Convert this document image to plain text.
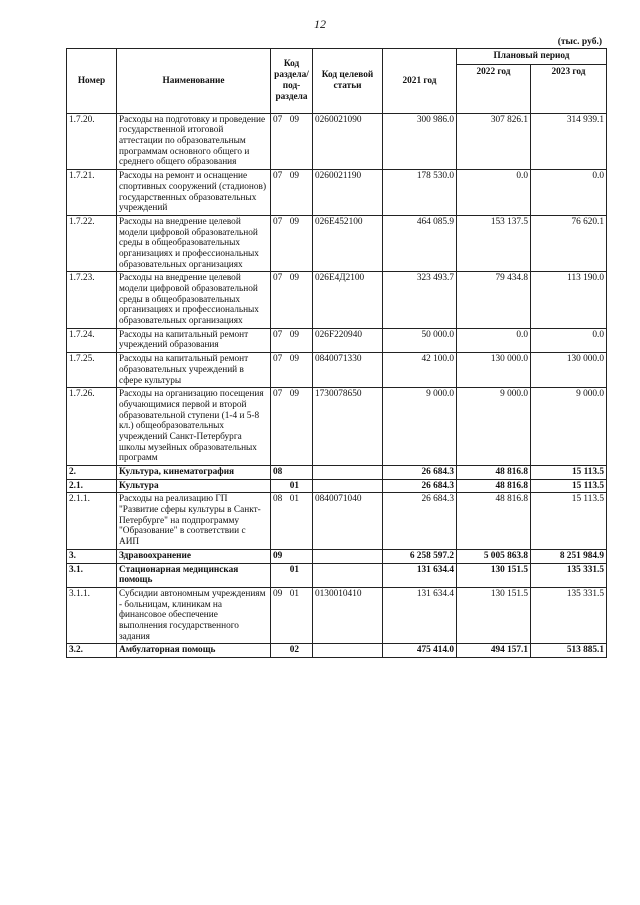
12
(тыс. руб.)
Номер	Наименование	Код раздела/ под- раздела	Код целевой статьи	2021 год	Плановый период	
					2022 год	2023 год
1.7.20.	Расходы на подготовку и проведение государственной итоговой аттестации по образовательным программам основного общего и среднего общего образования	07 09	0260021090	300 986.0	307 826.1	314 939.1
1.7.21.	Расходы на ремонт и оснащение спортивных сооружений (стадионов) государственных образовательных учреждений	07 09	0260021190	178 530.0	0.0	0.0
1.7.22.	Расходы на внедрение целевой модели цифровой образовательной среды в общеобразовательных организациях и профессиональных образовательных организациях	07 09	026E452100	464 085.9	153 137.5	76 620.1
1.7.23.	Расходы на внедрение целевой модели цифровой образовательной среды в общеобразовательных организациях и профессиональных образовательных организациях	07 09	026E4Д2100	323 493.7	79 434.8	113 190.0
1.7.24.	Расходы на капитальный ремонт учреждений образования	07 09	026F220940	50 000.0	0.0	0.0
1.7.25.	Расходы на капитальный ремонт образовательных учреждений в сфере культуры	07 09	0840071330	42 100.0	130 000.0	130 000.0
1.7.26.	Расходы на организацию посещения обучающимися первой и второй образовательной ступени (1-4 и 5-8 кл.) общеобразовательных учреждений Санкт-Петербурга школы музейных образовательных программ	07 09	1730078650	9 000.0	9 000.0	9 000.0
2.	Культура, кинематография	08		26 684.3	48 816.8	15 113.5
2.1.	Культура	01		26 684.3	48 816.8	15 113.5
2.1.1.	Расходы на реализацию ГП "Развитие сферы культуры в Санкт-Петербурге" на подпрограмму "Образование" в соответствии с АИП	08 01	0840071040	26 684.3	48 816.8	15 113.5
3.	Здравоохранение	09		6 258 597.2	5 005 863.8	8 251 984.9
3.1.	Стационарная медицинская помощь	01		131 634.4	130 151.5	135 331.5
3.1.1.	Субсидии автономным учреждениям - больницам, клиникам на финансовое обеспечение выполнения государственного задания	09 01	0130010410	131 634.4	130 151.5	135 331.5
3.2.	Амбулаторная помощь	02		475 414.0	494 157.1	513 885.1
